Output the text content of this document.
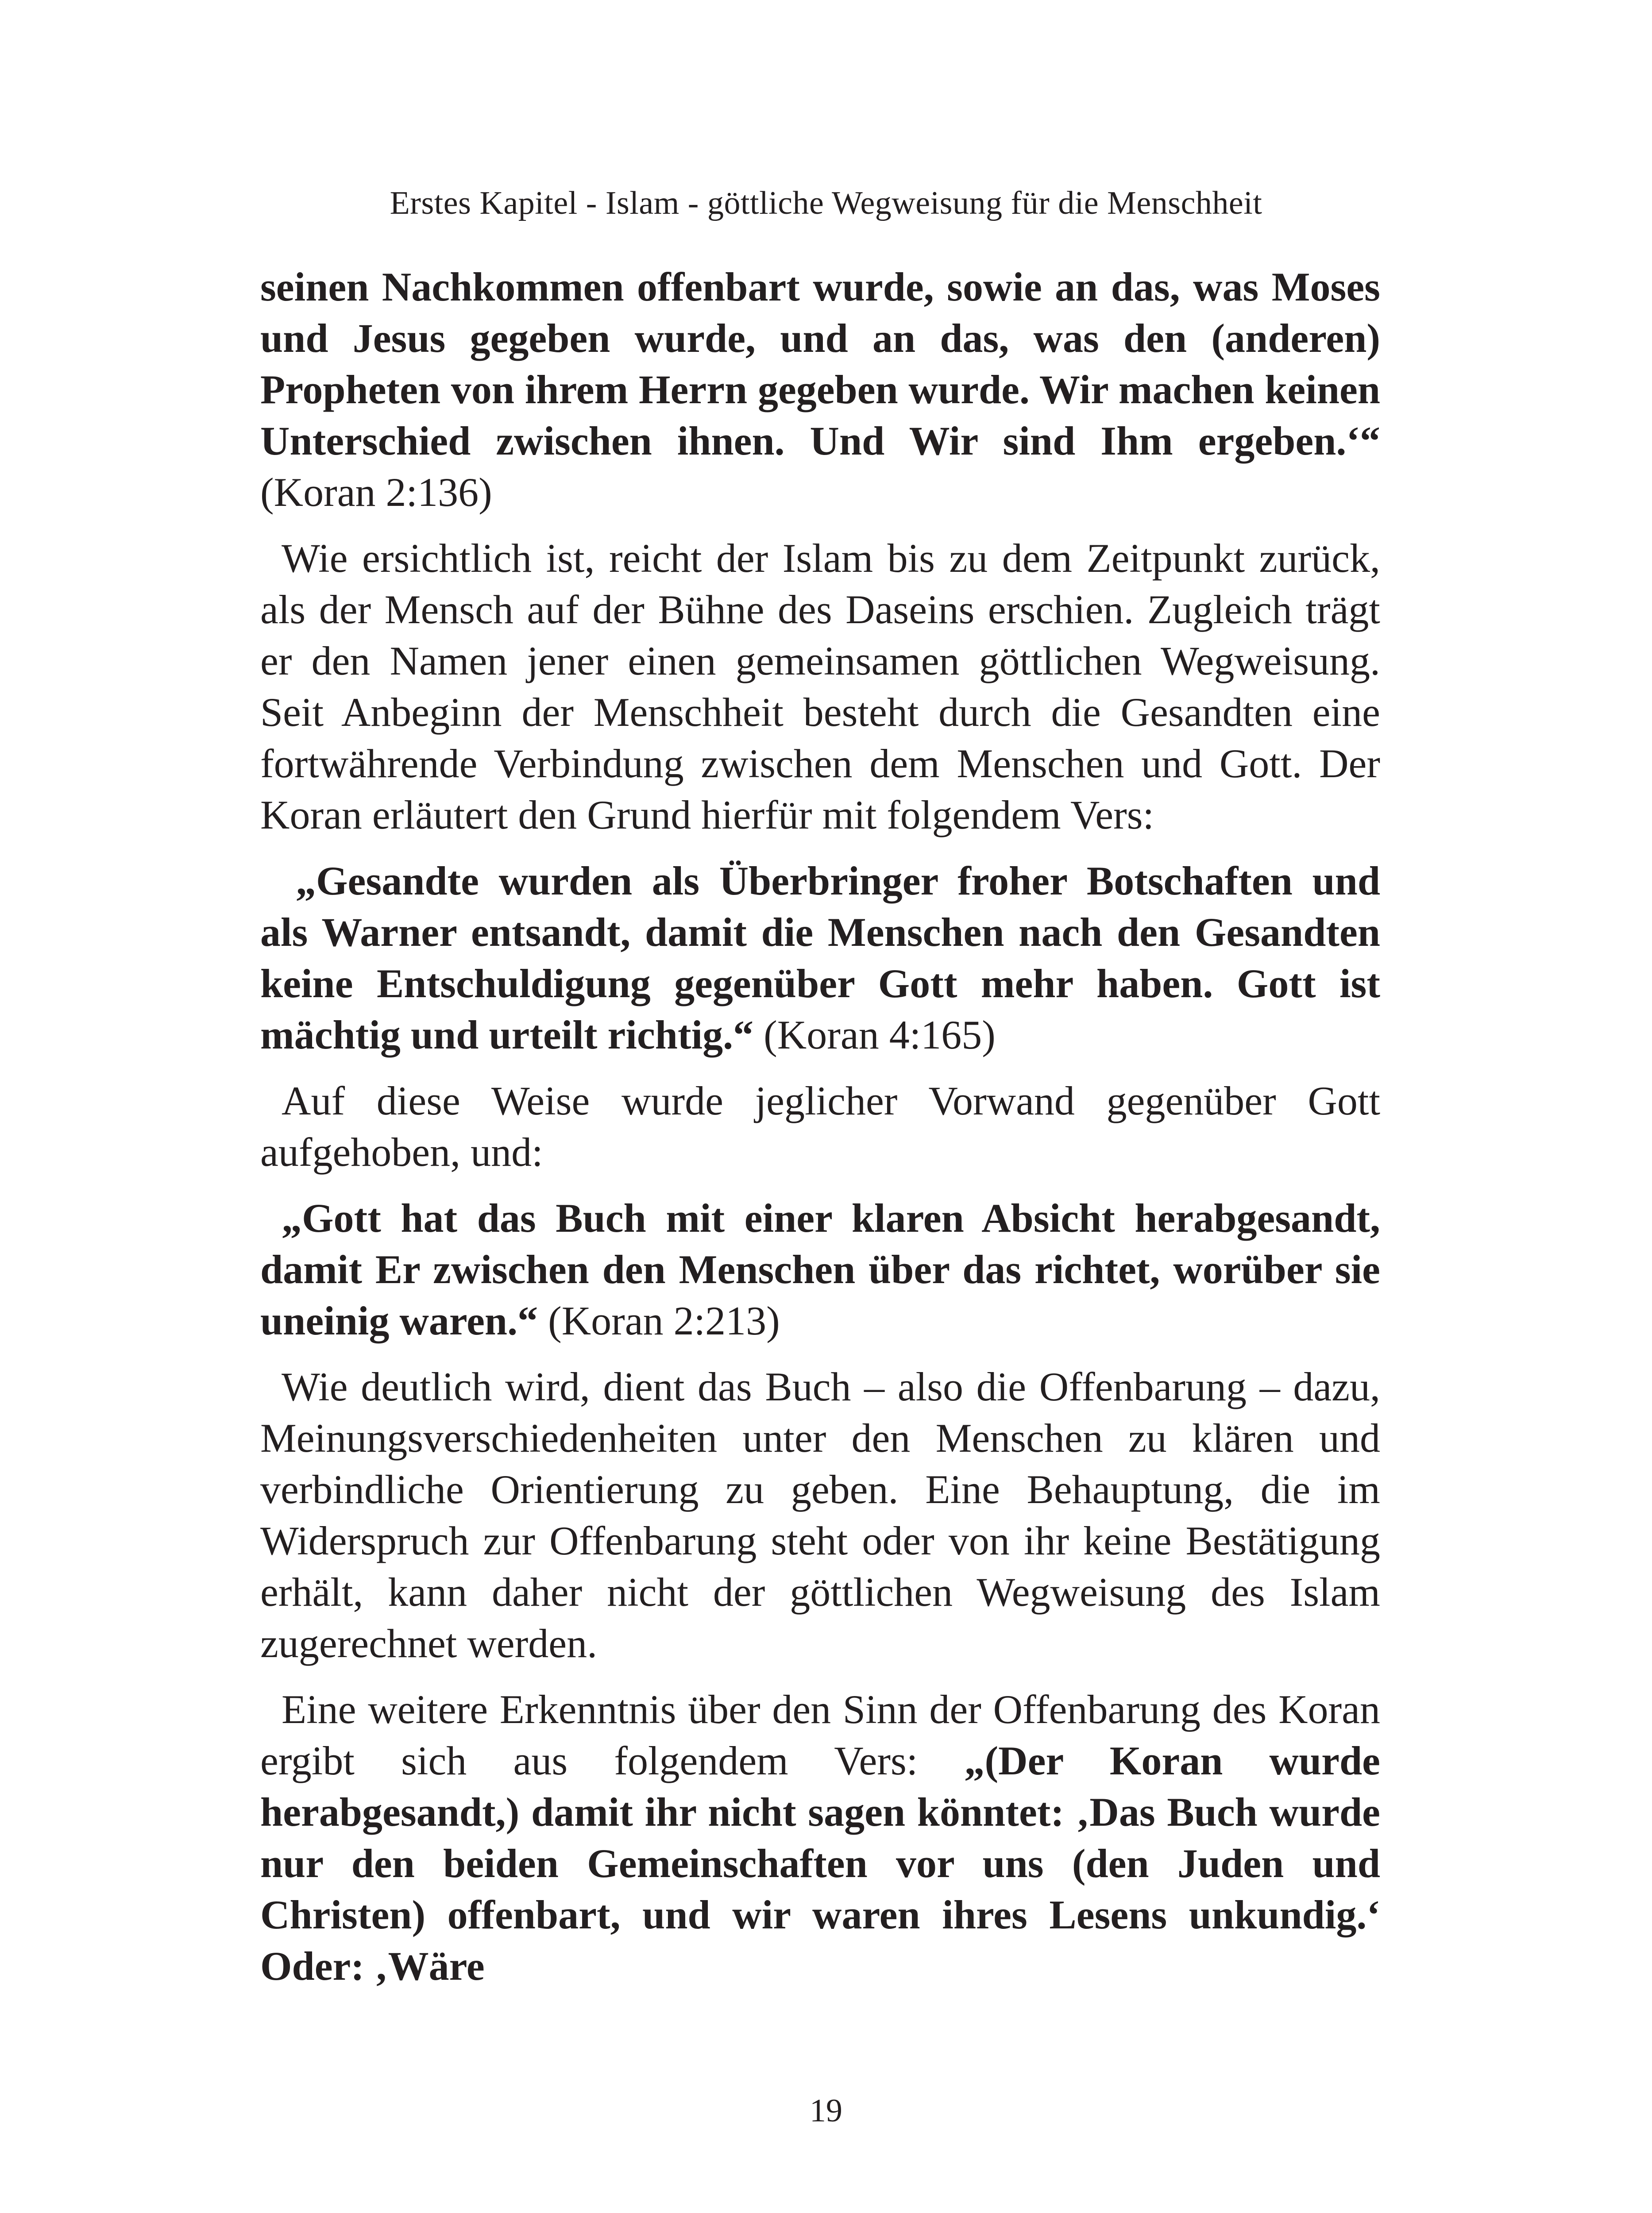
Erstes Kapitel - Islam - göttliche Wegweisung für die Menschheit

seinen Nachkommen offenbart wurde, sowie an das, was Moses und Jesus gegeben wurde, und an das, was den (anderen) Propheten von ihrem Herrn gegeben wurde. Wir machen keinen Unterschied zwischen ihnen. Und Wir sind Ihm ergeben.‘“ (Koran 2:136)

Wie ersichtlich ist, reicht der Islam bis zu dem Zeitpunkt zurück, als der Mensch auf der Bühne des Daseins erschien. Zugleich trägt er den Namen jener einen gemeinsamen göttlichen Wegweisung. Seit Anbeginn der Menschheit besteht durch die Gesandten eine fortwährende Verbindung zwischen dem Menschen und Gott. Der Koran erläutert den Grund hierfür mit folgendem Vers:

„Gesandte wurden als Überbringer froher Botschaften und als Warner entsandt, damit die Menschen nach den Gesandten keine Entschuldigung gegenüber Gott mehr haben. Gott ist mächtig und urteilt richtig.“ (Koran 4:165)

Auf diese Weise wurde jeglicher Vorwand gegenüber Gott aufgehoben, und:

„Gott hat das Buch mit einer klaren Absicht herabgesandt, damit Er zwischen den Menschen über das richtet, worüber sie uneinig waren.“ (Koran 2:213)

Wie deutlich wird, dient das Buch – also die Offenbarung – dazu, Meinungsverschiedenheiten unter den Menschen zu klären und verbindliche Orientierung zu geben. Eine Behauptung, die im Widerspruch zur Offenbarung steht oder von ihr keine Bestätigung erhält, kann daher nicht der göttlichen Wegweisung des Islam zugerechnet werden.

Eine weitere Erkenntnis über den Sinn der Offenbarung des Koran ergibt sich aus folgendem Vers: „(Der Koran wurde herabgesandt,) damit ihr nicht sagen könntet: ‚Das Buch wurde nur den beiden Gemeinschaften vor uns (den Juden und Christen) offenbart, und wir waren ihres Lesens unkundig.‘ Oder: ‚Wäre

19
